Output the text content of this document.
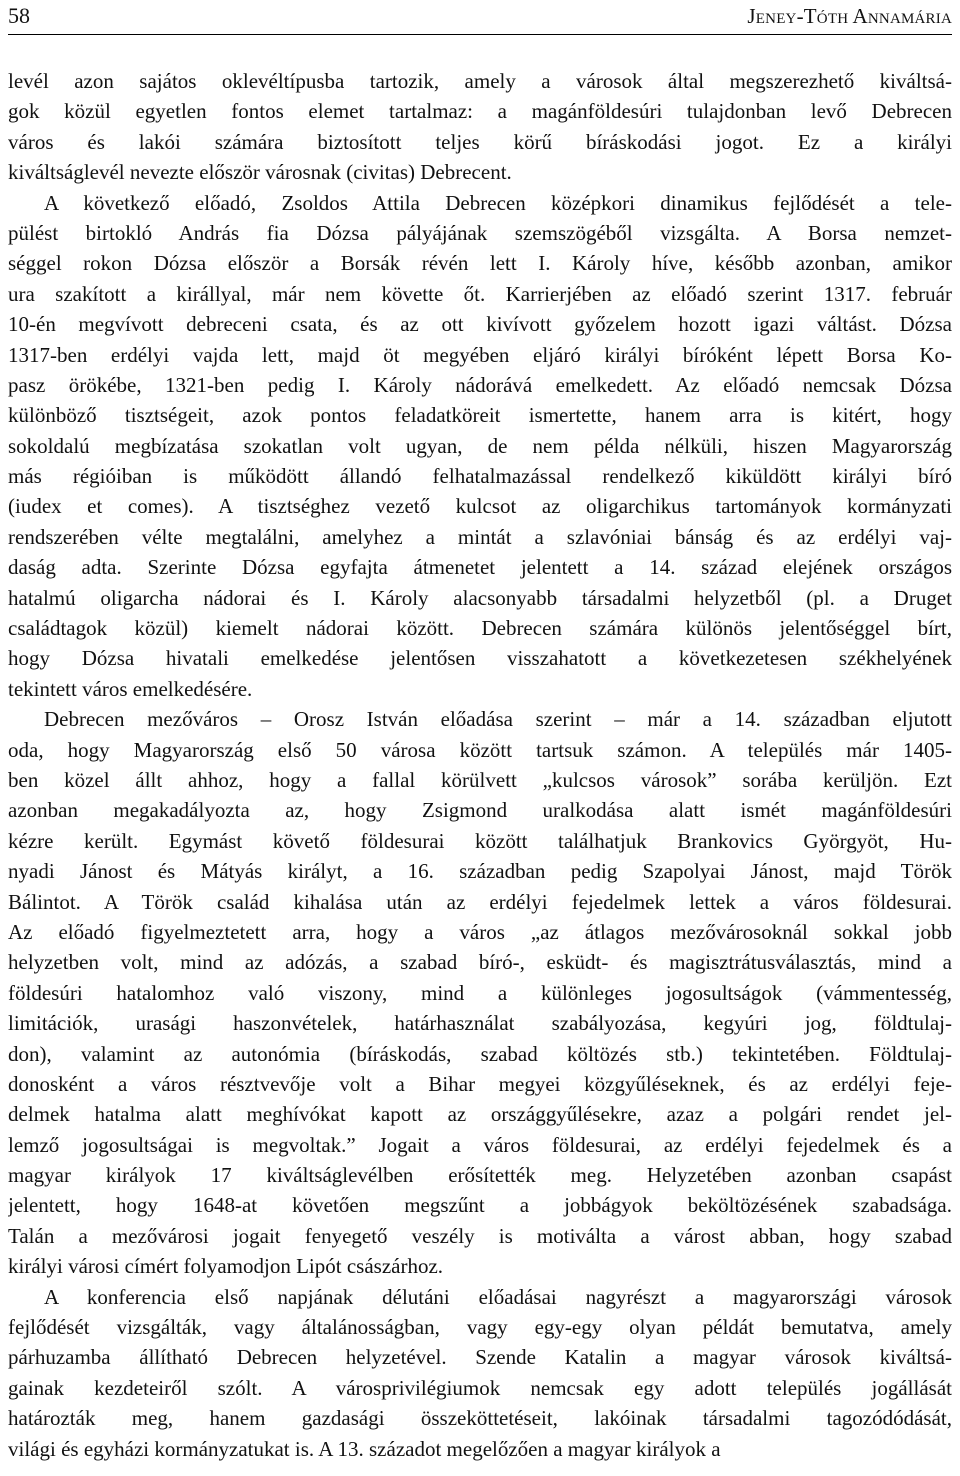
58	Jeney-Tóth Annamária
levél azon sajátos oklevéltípusba tartozik, amely a városok által megszerezhető kiváltsá-
gok közül egyetlen fontos elemet tartalmaz: a magánföldesúri tulajdonban levő Debrecen
város és lakói számára biztosított teljes körű bíráskodási jogot. Ez a királyi
kiváltságlevél nevezte először városnak (civitas) Debrecent.
A következő előadó, Zsoldos Attila Debrecen középkori dinamikus fejlődését a tele-
pülést birtokló András fia Dózsa pályájának szemszögéből vizsgálta. A Borsa nemzet-
séggel rokon Dózsa először a Borsák révén lett I. Károly híve, később azonban, amikor
ura szakított a királlyal, már nem követte őt. Karrierjében az előadó szerint 1317. február
10-én megvívott debreceni csata, és az ott kivívott győzelem hozott igazi váltást. Dózsa
1317-ben erdélyi vajda lett, majd öt megyében eljáró királyi bíróként lépett Borsa Ko-
pasz örökébe, 1321-ben pedig I. Károly nádorává emelkedett. Az előadó nemcsak Dózsa
különböző tisztségeit, azok pontos feladatköreit ismertette, hanem arra is kitért, hogy
sokoldalú megbízatása szokatlan volt ugyan, de nem példa nélküli, hiszen Magyarország
más régióiban is működött állandó felhatalmazással rendelkező kiküldött királyi bíró
(iudex et comes). A tisztséghez vezető kulcsot az oligarchikus tartományok kormányzati
rendszerében vélte megtalálni, amelyhez a mintát a szlavóniai bánság és az erdélyi vaj-
daság adta. Szerinte Dózsa egyfajta átmenetet jelentett a 14. század elejének országos
hatalmú oligarcha nádorai és I. Károly alacsonyabb társadalmi helyzetből (pl. a Druget
családtagok közül) kiemelt nádorai között. Debrecen számára különös jelentőséggel bírt,
hogy Dózsa hivatali emelkedése jelentősen visszahatott a következetesen székhelyének
tekintett város emelkedésére.
Debrecen mezőváros – Orosz István előadása szerint – már a 14. században eljutott
oda, hogy Magyarország első 50 városa között tartsuk számon. A település már 1405-
ben közel állt ahhoz, hogy a fallal körülvett „kulcsos városok” sorába kerüljön. Ezt
azonban megakadályozta az, hogy Zsigmond uralkodása alatt ismét magánföldesúri
kézre került. Egymást követő földesurai között találhatjuk Brankovics Györgyöt, Hu-
nyadi Jánost és Mátyás királyt, a 16. században pedig Szapolyai Jánost, majd Török
Bálintot. A Török család kihalása után az erdélyi fejedelmek lettek a város földesurai.
Az előadó figyelmeztetett arra, hogy a város „az átlagos mezővárosoknál sokkal jobb
helyzetben volt, mind az adózás, a szabad bíró-, esküdt- és magisztrátusválasztás, mind a
földesúri hatalomhoz való viszony, mind a különleges jogosultságok (vámmentesség,
limitációk, urasági haszonvételek, határhasználat szabályozása, kegyúri jog, földtulaj-
don), valamint az autonómia (bíráskodás, szabad költözés stb.) tekintetében. Földtulaj-
donosként a város résztvevője volt a Bihar megyei közgyűléseknek, és az erdélyi feje-
delmek hatalma alatt meghívókat kapott az országgyűlésekre, azaz a polgári rendet jel-
lemző jogosultságai is megvoltak.” Jogait a város földesurai, az erdélyi fejedelmek és a
magyar királyok 17 kiváltságlevélben erősítették meg. Helyzetében azonban csapást
jelentett, hogy 1648-at követően megszűnt a jobbágyok beköltözésének szabadsága.
Talán a mezővárosi jogait fenyegető veszély is motiválta a várost abban, hogy szabad
királyi városi címért folyamodjon Lipót császárhoz.
A konferencia első napjának délutáni előadásai nagyrészt a magyarországi városok
fejlődését vizsgálták, vagy általánosságban, vagy egy-egy olyan példát bemutatva, amely
párhuzamba állítható Debrecen helyzetével. Szende Katalin a magyar városok kiváltsá-
gainak kezdeteiről szólt. A városprivilégiumok nemcsak egy adott település jogállását
határozták meg, hanem gazdasági összeköttetéseit, lakóinak társadalmi tagozódódását,
világi és egyházi kormányzatukat is. A 13. századot megelőzően a magyar királyok a
